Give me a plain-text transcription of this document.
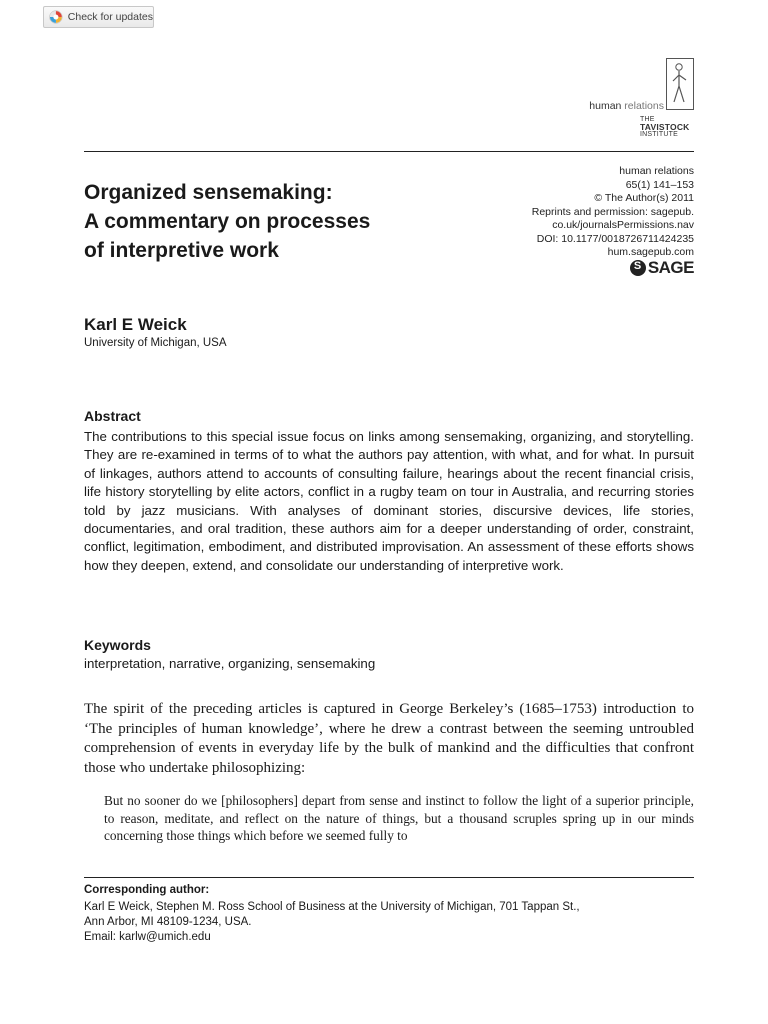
Check for updates
human relations
THE
TAVISTOCK
INSTITUTE
human relations
65(1) 141–153
© The Author(s) 2011
Reprints and permission: sagepub.
co.uk/journalsPermissions.nav
DOI: 10.1177/0018726711424235
hum.sagepub.com
S
SAGE
Organized sensemaking:
A commentary on processes
of interpretive work
Karl E Weick
University of Michigan, USA
Abstract
The contributions to this special issue focus on links among sensemaking, organizing, and storytelling. They are re-examined in terms of to what the authors pay attention, with what, and for what. In pursuit of linkages, authors attend to accounts of consulting failure, hearings about the recent financial crisis, life history storytelling by elite actors, conflict in a rugby team on tour in Australia, and recurring stories told by jazz musicians. With analyses of dominant stories, discursive devices, life stories, documentaries, and oral tradition, these authors aim for a deeper understanding of order, constraint, conflict, legitimation, embodiment, and distributed improvisation. An assessment of these efforts shows how they deepen, extend, and consolidate our understanding of interpretive work.
Keywords
interpretation, narrative, organizing, sensemaking
The spirit of the preceding articles is captured in George Berkeley’s (1685–1753) introduction to ‘The principles of human knowledge’, where he drew a contrast between the seeming untroubled comprehension of events in everyday life by the bulk of mankind and the difficulties that confront those who undertake philosophizing:
But no sooner do we [philosophers] depart from sense and instinct to follow the light of a superior principle, to reason, meditate, and reflect on the nature of things, but a thousand scruples spring up in our minds concerning those things which before we seemed fully to
Corresponding author:
Karl E Weick, Stephen M. Ross School of Business at the University of Michigan, 701 Tappan St.,
Ann Arbor, MI 48109-1234, USA.
Email: karlw@umich.edu
